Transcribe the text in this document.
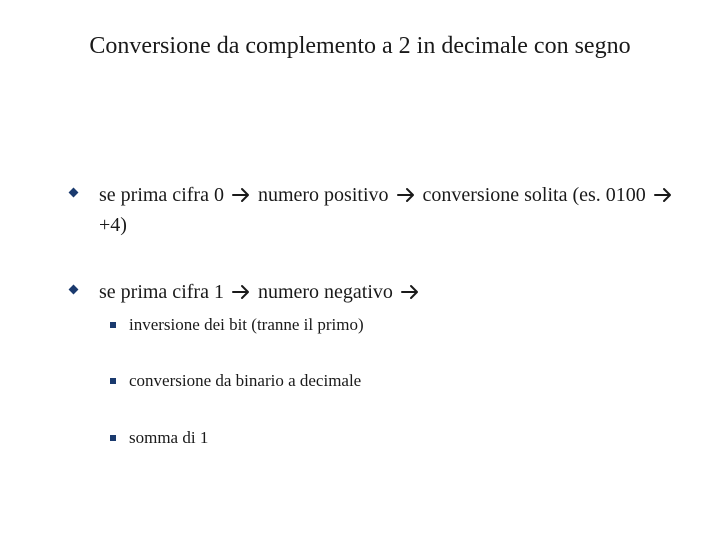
Conversione da complemento a 2 in decimale con segno
se prima cifra 0 numero positivo conversione solita (es. 0100  +4)
se prima cifra 1 numero negativo
inversione dei bit (tranne il primo)
conversione da binario a decimale
somma di 1
